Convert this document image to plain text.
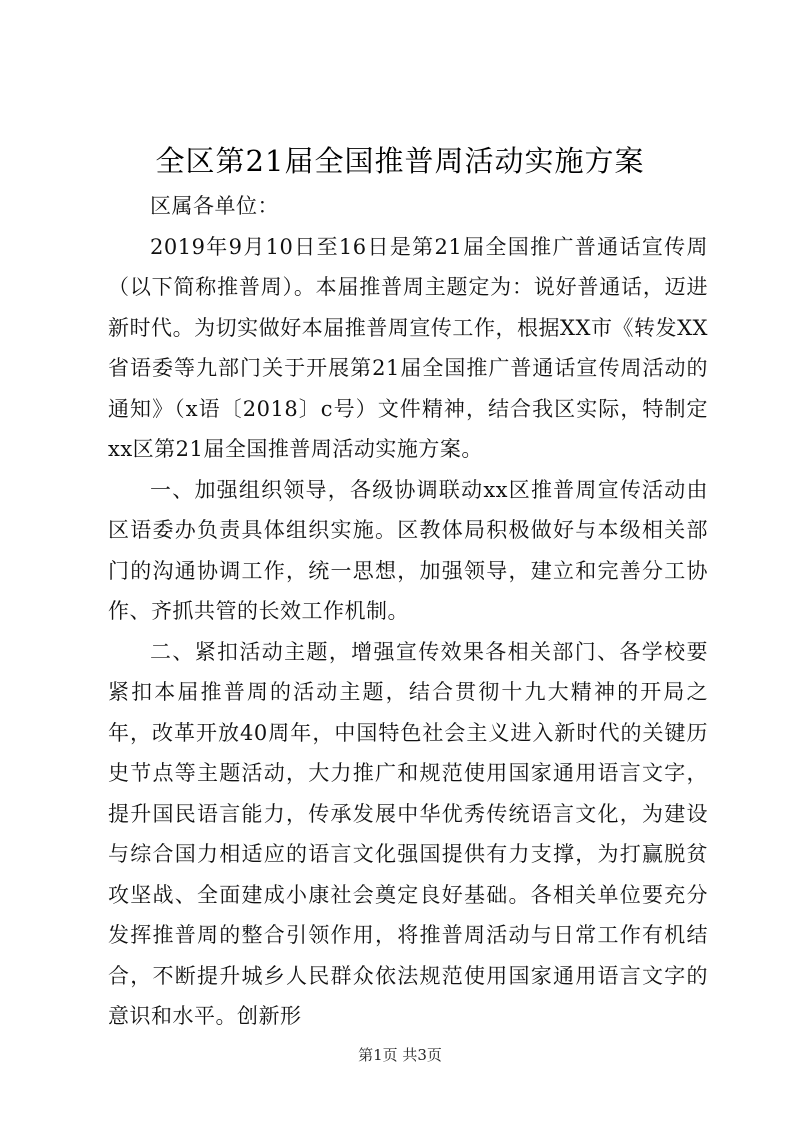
全区第21届全国推普周活动实施方案

区属各单位：

2019年9月10日至16日是第21届全国推广普通话宣传周（以下简称推普周）。本届推普周主题定为：说好普通话，迈进新时代。为切实做好本届推普周宣传工作，根据XX市《转发XX省语委等九部门关于开展第21届全国推广普通话宣传周活动的通知》（x语〔2018〕c号）文件精神，结合我区实际，特制定xx区第21届全国推普周活动实施方案。

一、加强组织领导，各级协调联动xx区推普周宣传活动由区语委办负责具体组织实施。区教体局积极做好与本级相关部门的沟通协调工作，统一思想，加强领导，建立和完善分工协作、齐抓共管的长效工作机制。

二、紧扣活动主题，增强宣传效果各相关部门、各学校要紧扣本届推普周的活动主题，结合贯彻十九大精神的开局之年，改革开放40周年，中国特色社会主义进入新时代的关键历史节点等主题活动，大力推广和规范使用国家通用语言文字，提升国民语言能力，传承发展中华优秀传统语言文化，为建设与综合国力相适应的语言文化强国提供有力支撑，为打赢脱贫攻坚战、全面建成小康社会奠定良好基础。各相关单位要充分发挥推普周的整合引领作用，将推普周活动与日常工作有机结合，不断提升城乡人民群众依法规范使用国家通用语言文字的意识和水平。创新形

第1页 共3页
